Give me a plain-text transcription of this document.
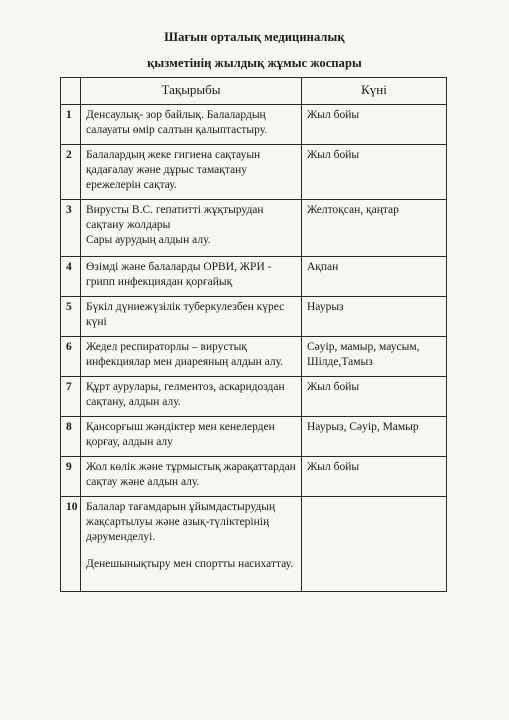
Шағын орталық медициналық
қызметінің жылдық жұмыс жоспары
	Тақырыбы	Күні
1	Денсаулық- зор байлық. Балалардың салауаты өмір салтын қалыптастыру.	Жыл бойы
2	Балалардың жеке гигиена сақтауын қадағалау және дұрыс тамақтану ережелерін сақтау.	Жыл бойы
3	Вирусты В.С. гепатитті жұқтырудан сақтану жолдары
Сары аурудың алдын алу.	Желтоқсан, қаңтар
4	Өзімді және балаларды ОРВИ, ЖРИ - грипп инфекциядан қорғайық	Ақпан
5	Бүкіл дүниежүзілік туберкулезбен күрес күні	Наурыз
6	Жедел респираторлы – вирустық инфекциялар мен диареяның алдын алу.	Сәуір, мамыр, маусым, Шілде,Тамыз
7	Құрт аурулары, гелментоз, аскаридоздан сақтану, алдын алу.	Жыл бойы
8	Қансорғыш жәндіктер мен кенелерден қорғау, алдын алу	Наурыз, Сәуір, Мамыр
9	Жол көлік және тұрмыстық жарақаттардан сақтау және алдын алу.	Жыл бойы
10	Балалар тағамдарын ұйымдастырудың жақсартылуы және азық-түліктерінің дәруменделуі.
Денешынықтыру мен спортты насихаттау.	
